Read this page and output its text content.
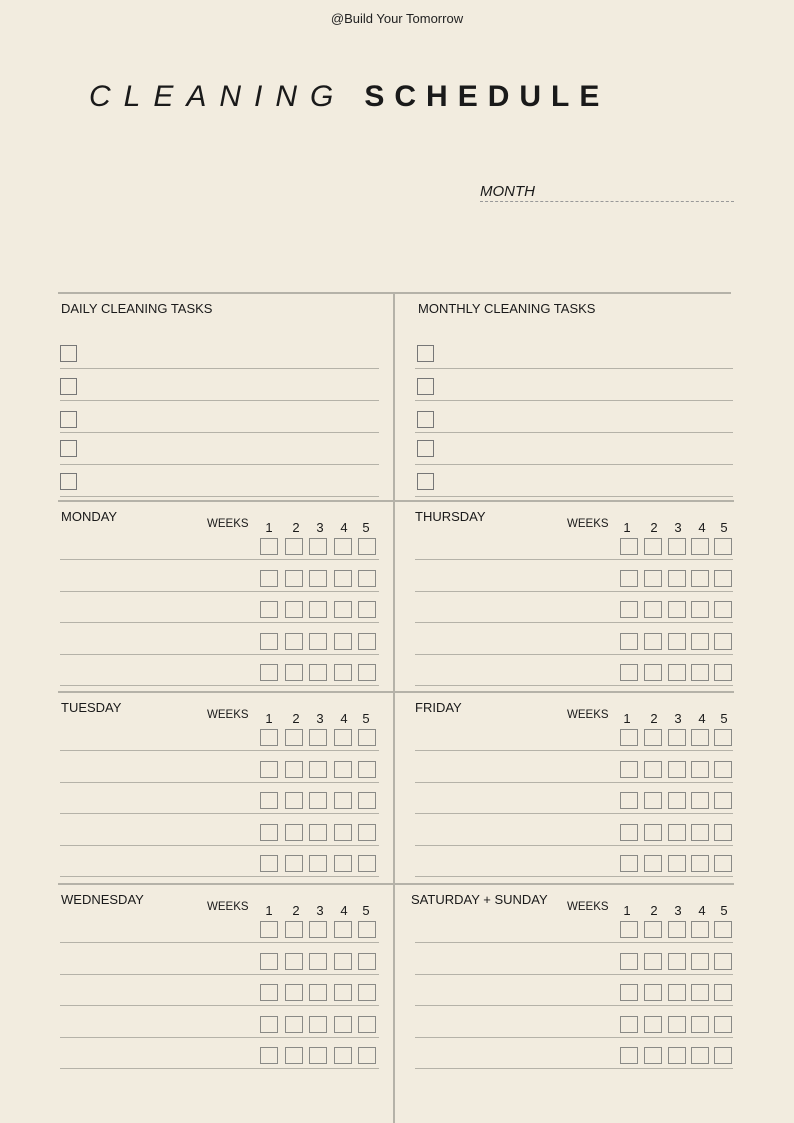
@Build Your Tomorrow
CLEANING SCHEDULE
MONTH
DAILY CLEANING TASKS	MONTHLY CLEANING TASKS
MONDAY	WEEKS	1	2	3	4	5
THURSDAY	WEEKS	1	2	3	4	5
TUESDAY	WEEKS	1	2	3	4	5
FRIDAY	WEEKS	1	2	3	4	5
WEDNESDAY	WEEKS	1	2	3	4	5
SATURDAY + SUNDAY WEEKS	1	2	3	4	5
